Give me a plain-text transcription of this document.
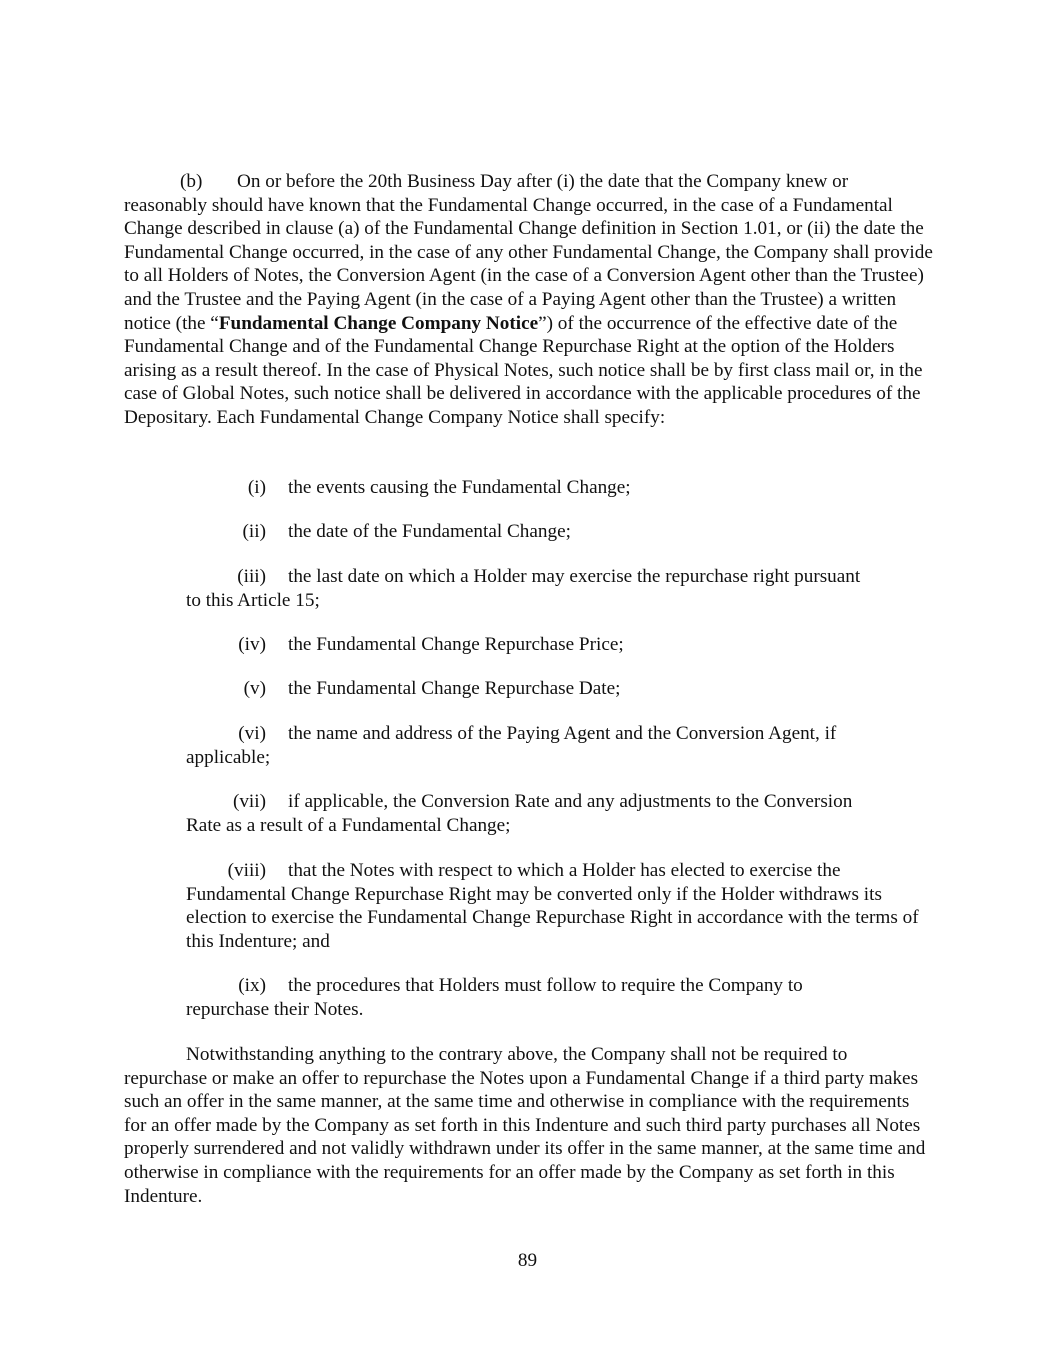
(b) On or before the 20th Business Day after (i) the date that the Company knew or
reasonably should have known that the Fundamental Change occurred, in the case of a Fundamental Change described in clause (a) of the Fundamental Change definition in Section 1.01, or (ii) the date the Fundamental Change occurred, in the case of any other Fundamental Change, the Company shall provide to all Holders of Notes, the Conversion Agent (in the case of a Conversion Agent other than the Trustee) and the Trustee and the Paying Agent (in the case of a Paying Agent other than the Trustee) a written notice (the “Fundamental Change Company Notice”) of the occurrence of the effective date of the Fundamental Change and of the Fundamental Change Repurchase Right at the option of the Holders arising as a result thereof. In the case of Physical Notes, such notice shall be by first class mail or, in the case of Global Notes, such notice shall be delivered in accordance with the applicable procedures of the Depositary. Each Fundamental Change Company Notice shall specify:
(i) the events causing the Fundamental Change;
(ii) the date of the Fundamental Change;
(iii) the last date on which a Holder may exercise the repurchase right pursuant
to this Article 15;
(iv) the Fundamental Change Repurchase Price;
(v) the Fundamental Change Repurchase Date;
(vi) the name and address of the Paying Agent and the Conversion Agent, if
applicable;
(vii) if applicable, the Conversion Rate and any adjustments to the Conversion
Rate as a result of a Fundamental Change;
(viii) that the Notes with respect to which a Holder has elected to exercise the
Fundamental Change Repurchase Right may be converted only if the Holder withdraws its election to exercise the Fundamental Change Repurchase Right in accordance with the terms of this Indenture; and
(ix) the procedures that Holders must follow to require the Company to
repurchase their Notes.
Notwithstanding anything to the contrary above, the Company shall not be required to
repurchase or make an offer to repurchase the Notes upon a Fundamental Change if a third party makes such an offer in the same manner, at the same time and otherwise in compliance with the requirements for an offer made by the Company as set forth in this Indenture and such third party purchases all Notes properly surrendered and not validly withdrawn under its offer in the same manner, at the same time and otherwise in compliance with the requirements for an offer made by the Company as set forth in this Indenture.
89
